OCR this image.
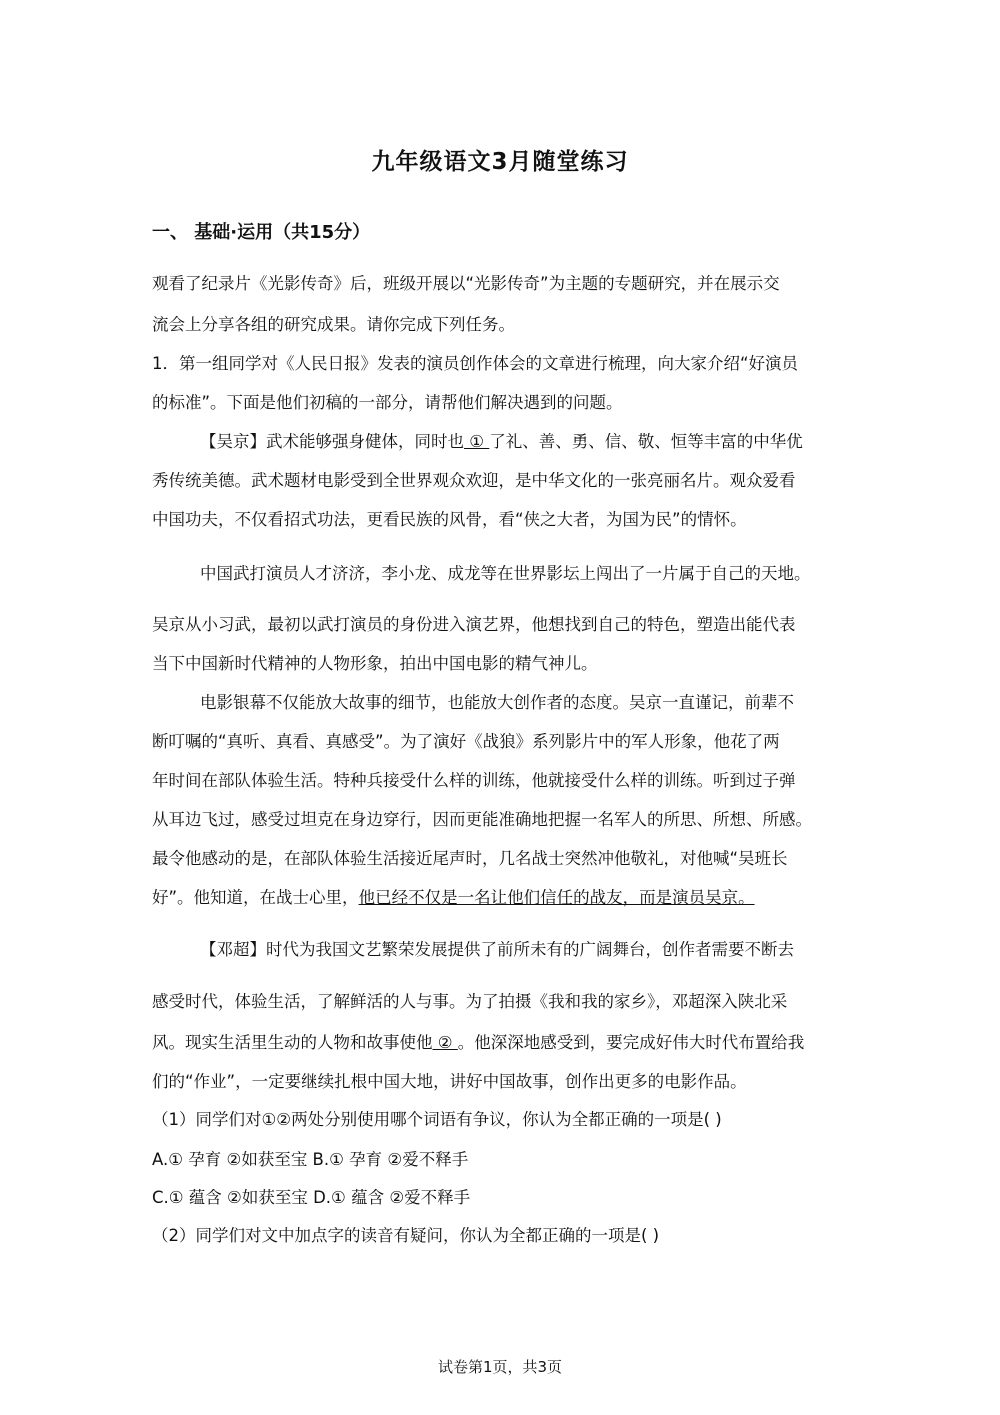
九年级语文3月随堂练习
一、 基础·运用（共15分）
观看了纪录片《光影传奇》后，班级开展以“光影传奇”为主题的专题研究，并在展示交
流会上分享各组的研究成果。请你完成下列任务。
1．第一组同学对《人民日报》发表的演员创作体会的文章进行梳理，向大家介绍“好演员
的标准”。下面是他们初稿的一部分，请帮他们解决遇到的问题。
【吴京】武术能够强身健体，同时也 ① 了礼、善、勇、信、敬、恒等丰富的中华优
秀传统美德。武术题材电影受到全世界观众欢迎，是中华文化的一张亮丽名片。观众爱看
中国功夫，不仅看招式功法，更看民族的风骨，看“侠之大者，为国为民”的情怀。
中国武打演员人才济济，李小龙、成龙等在世界影坛上闯出了一片属于自己的天地。
吴京从小习武，最初以武打演员的身份进入演艺界，他想找到自己的特色，塑造出能代表
当下中国新时代精神的人物形象，拍出中国电影的精气神儿。
电影银幕不仅能放大故事的细节，也能放大创作者的态度。吴京一直谨记，前辈不
断叮嘱的“真听、真看、真感受”。为了演好《战狼》系列影片中的军人形象，他花了两
年时间在部队体验生活。特种兵接受什么样的训练，他就接受什么样的训练。听到过子弹
从耳边飞过，感受过坦克在身边穿行，因而更能准确地把握一名军人的所思、所想、所感。
最令他感动的是，在部队体验生活接近尾声时，几名战士突然冲他敬礼，对他喊“吴班长
好”。他知道，在战士心里，他已经不仅是一名让他们信任的战友，而是演员吴京。
【邓超】时代为我国文艺繁荣发展提供了前所未有的广阔舞台，创作者需要不断去
感受时代，体验生活，了解鲜活的人与事。为了拍摄《我和我的家乡》，邓超深入陕北采
风。现实生活里生动的人物和故事使他 ② 。他深深地感受到，要完成好伟大时代布置给我
们的“作业”，一定要继续扎根中国大地，讲好中国故事，创作出更多的电影作品。
（1）同学们对①②两处分别使用哪个词语有争议，你认为全都正确的一项是( )
A.① 孕育 ②如获至宝 B.① 孕育 ②爱不释手
C.① 蕴含 ②如获至宝 D.① 蕴含 ②爱不释手
（2）同学们对文中加点字的读音有疑问，你认为全都正确的一项是( )
试卷第1页，共3页
